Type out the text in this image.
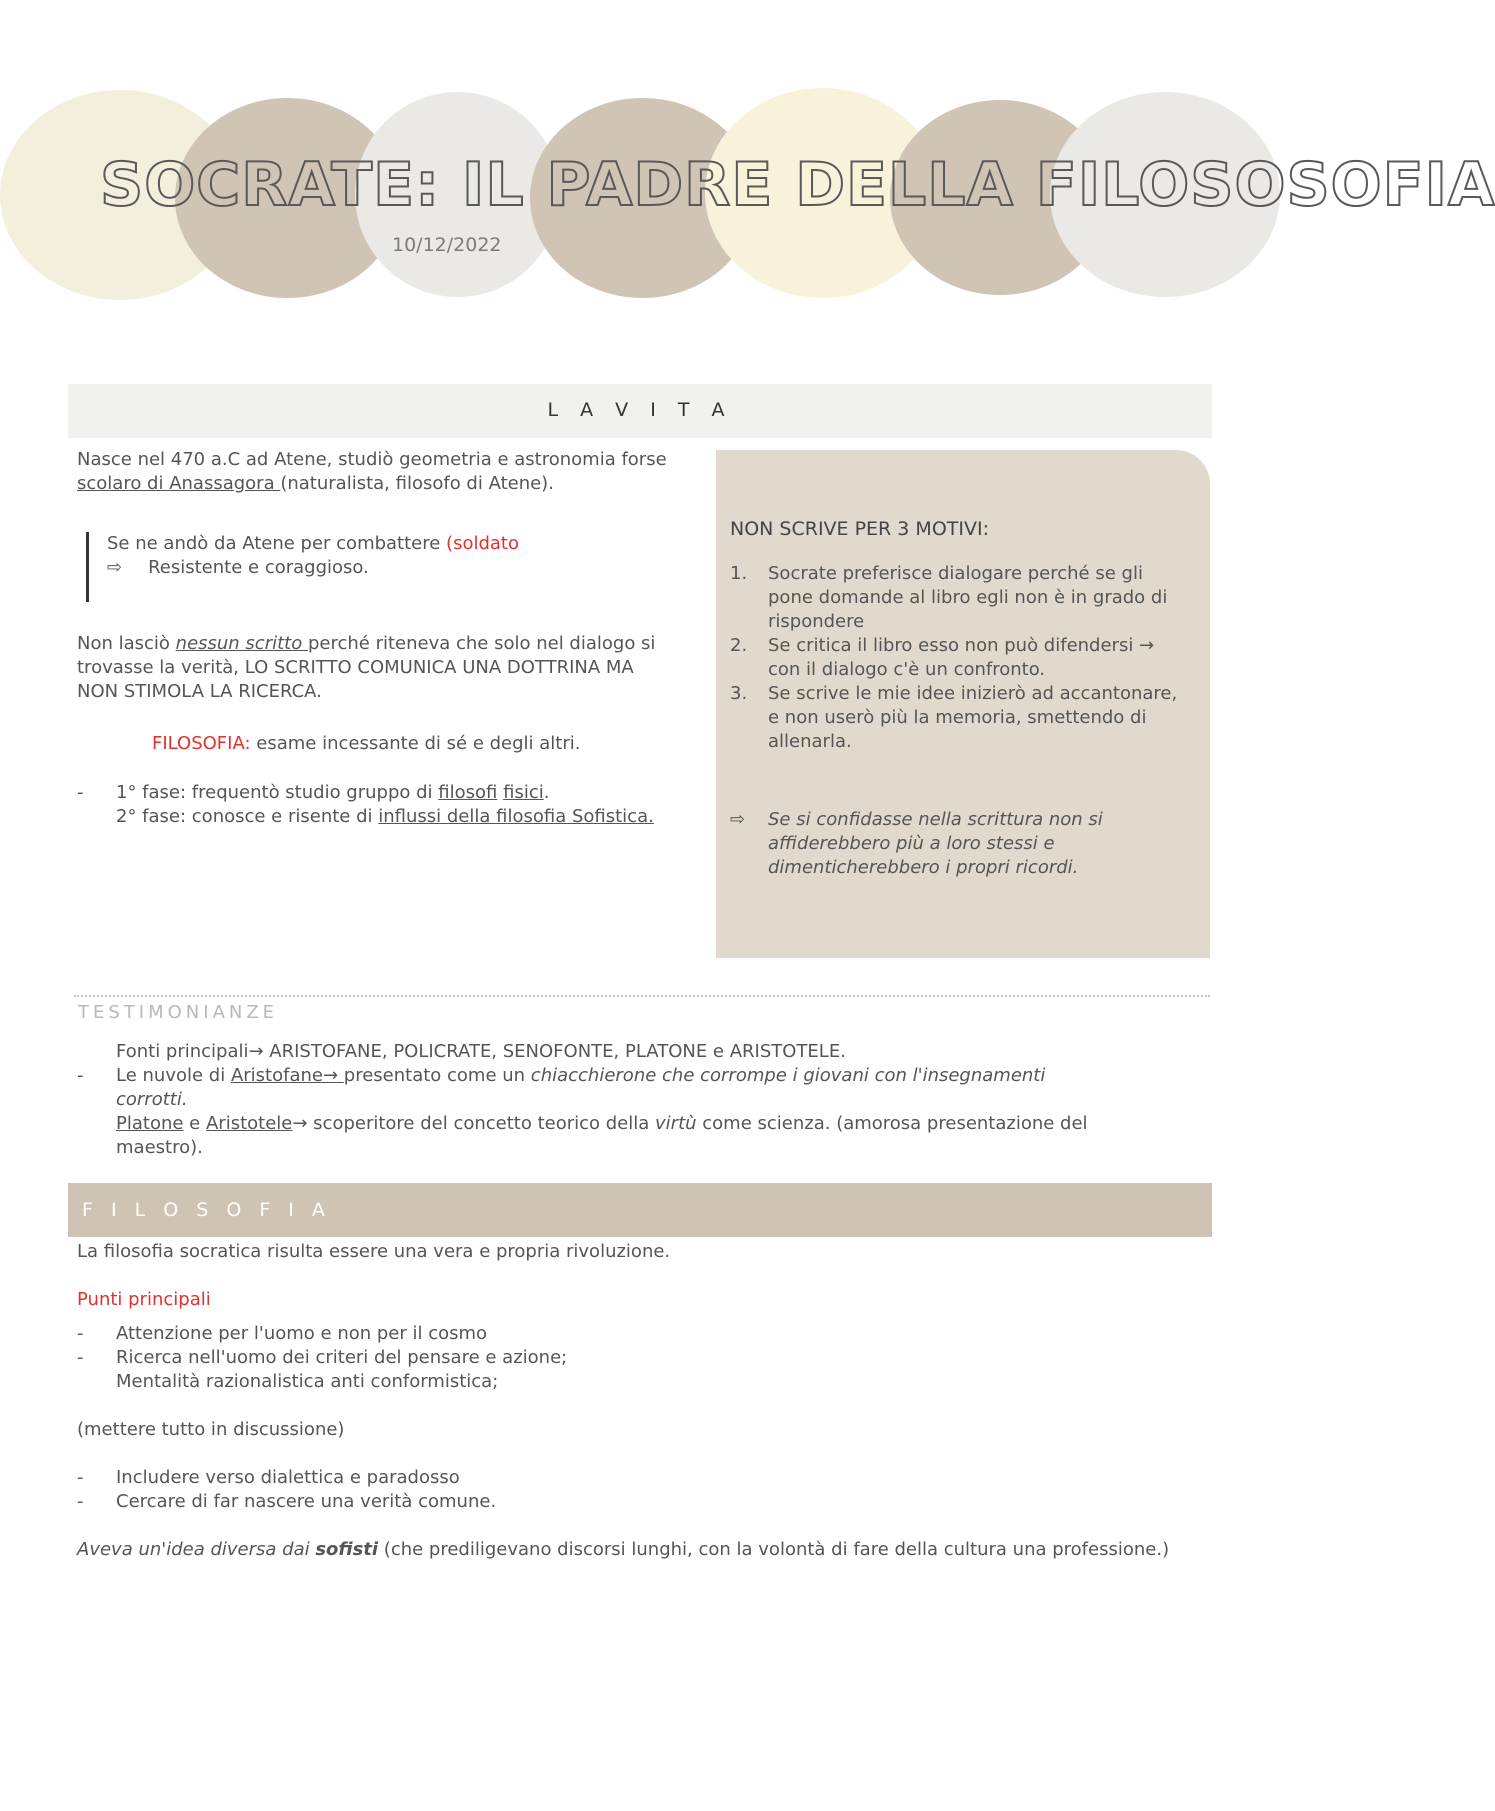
SOCRATE: IL PADRE DELLA FILOSOSOFIA
10/12/2022
L A V I T A
Nasce nel 470 a.C ad Atene, studiò geometria e astronomia forse scolaro di Anassagora (naturalista, filosofo di Atene).
Se ne andò da Atene per combattere (soldato
⇨ Resistente e coraggioso.
Non lasciò nessun scritto perché riteneva che solo nel dialogo si trovasse la verità, LO SCRITTO COMUNICA UNA DOTTRINA MA NON STIMOLA LA RICERCA.
FILOSOFIA: esame incessante di sé e degli altri.
- 1° fase: frequentò studio gruppo di filosofi fisici.
2° fase: conosce e risente di influssi della filosofia Sofistica.
NON SCRIVE PER 3 MOTIVI:
1.	Socrate preferisce dialogare perché se gli pone domande al libro egli non è in grado di rispondere
2.	Se critica il libro esso non può difendersi → con il dialogo c'è un confronto.
3.	Se scrive le mie idee inizierò ad accantonare, e non userò più la memoria, smettendo di allenarla.
⇨	Se si confidasse nella scrittura non si affiderebbero più a loro stessi e dimenticherebbero i propri ricordi.
TESTIMONIANZE
Fonti principali→ ARISTOFANE, POLICRATE, SENOFONTE, PLATONE e ARISTOTELE.
- Le nuvole di Aristofane→ presentato come un chiacchierone che corrompe i giovani con l'insegnamenti corrotti.
Platone e Aristotele→ scoperitore del concetto teorico della virtù come scienza. (amorosa presentazione del maestro).
F I L O S O F I A
La filosofia socratica risulta essere una vera e propria rivoluzione.
Punti principali
-
-
Attenzione per l'uomo e non per il cosmo
Ricerca nell'uomo dei criteri del pensare e azione;
Mentalità razionalistica anti conformistica;
(mettere tutto in discussione)
-
-
Includere verso dialettica e paradosso
Cercare di far nascere una verità comune.
Aveva un'idea diversa dai sofisti (che prediligevano discorsi lunghi, con la volontà di fare della cultura una professione.)
